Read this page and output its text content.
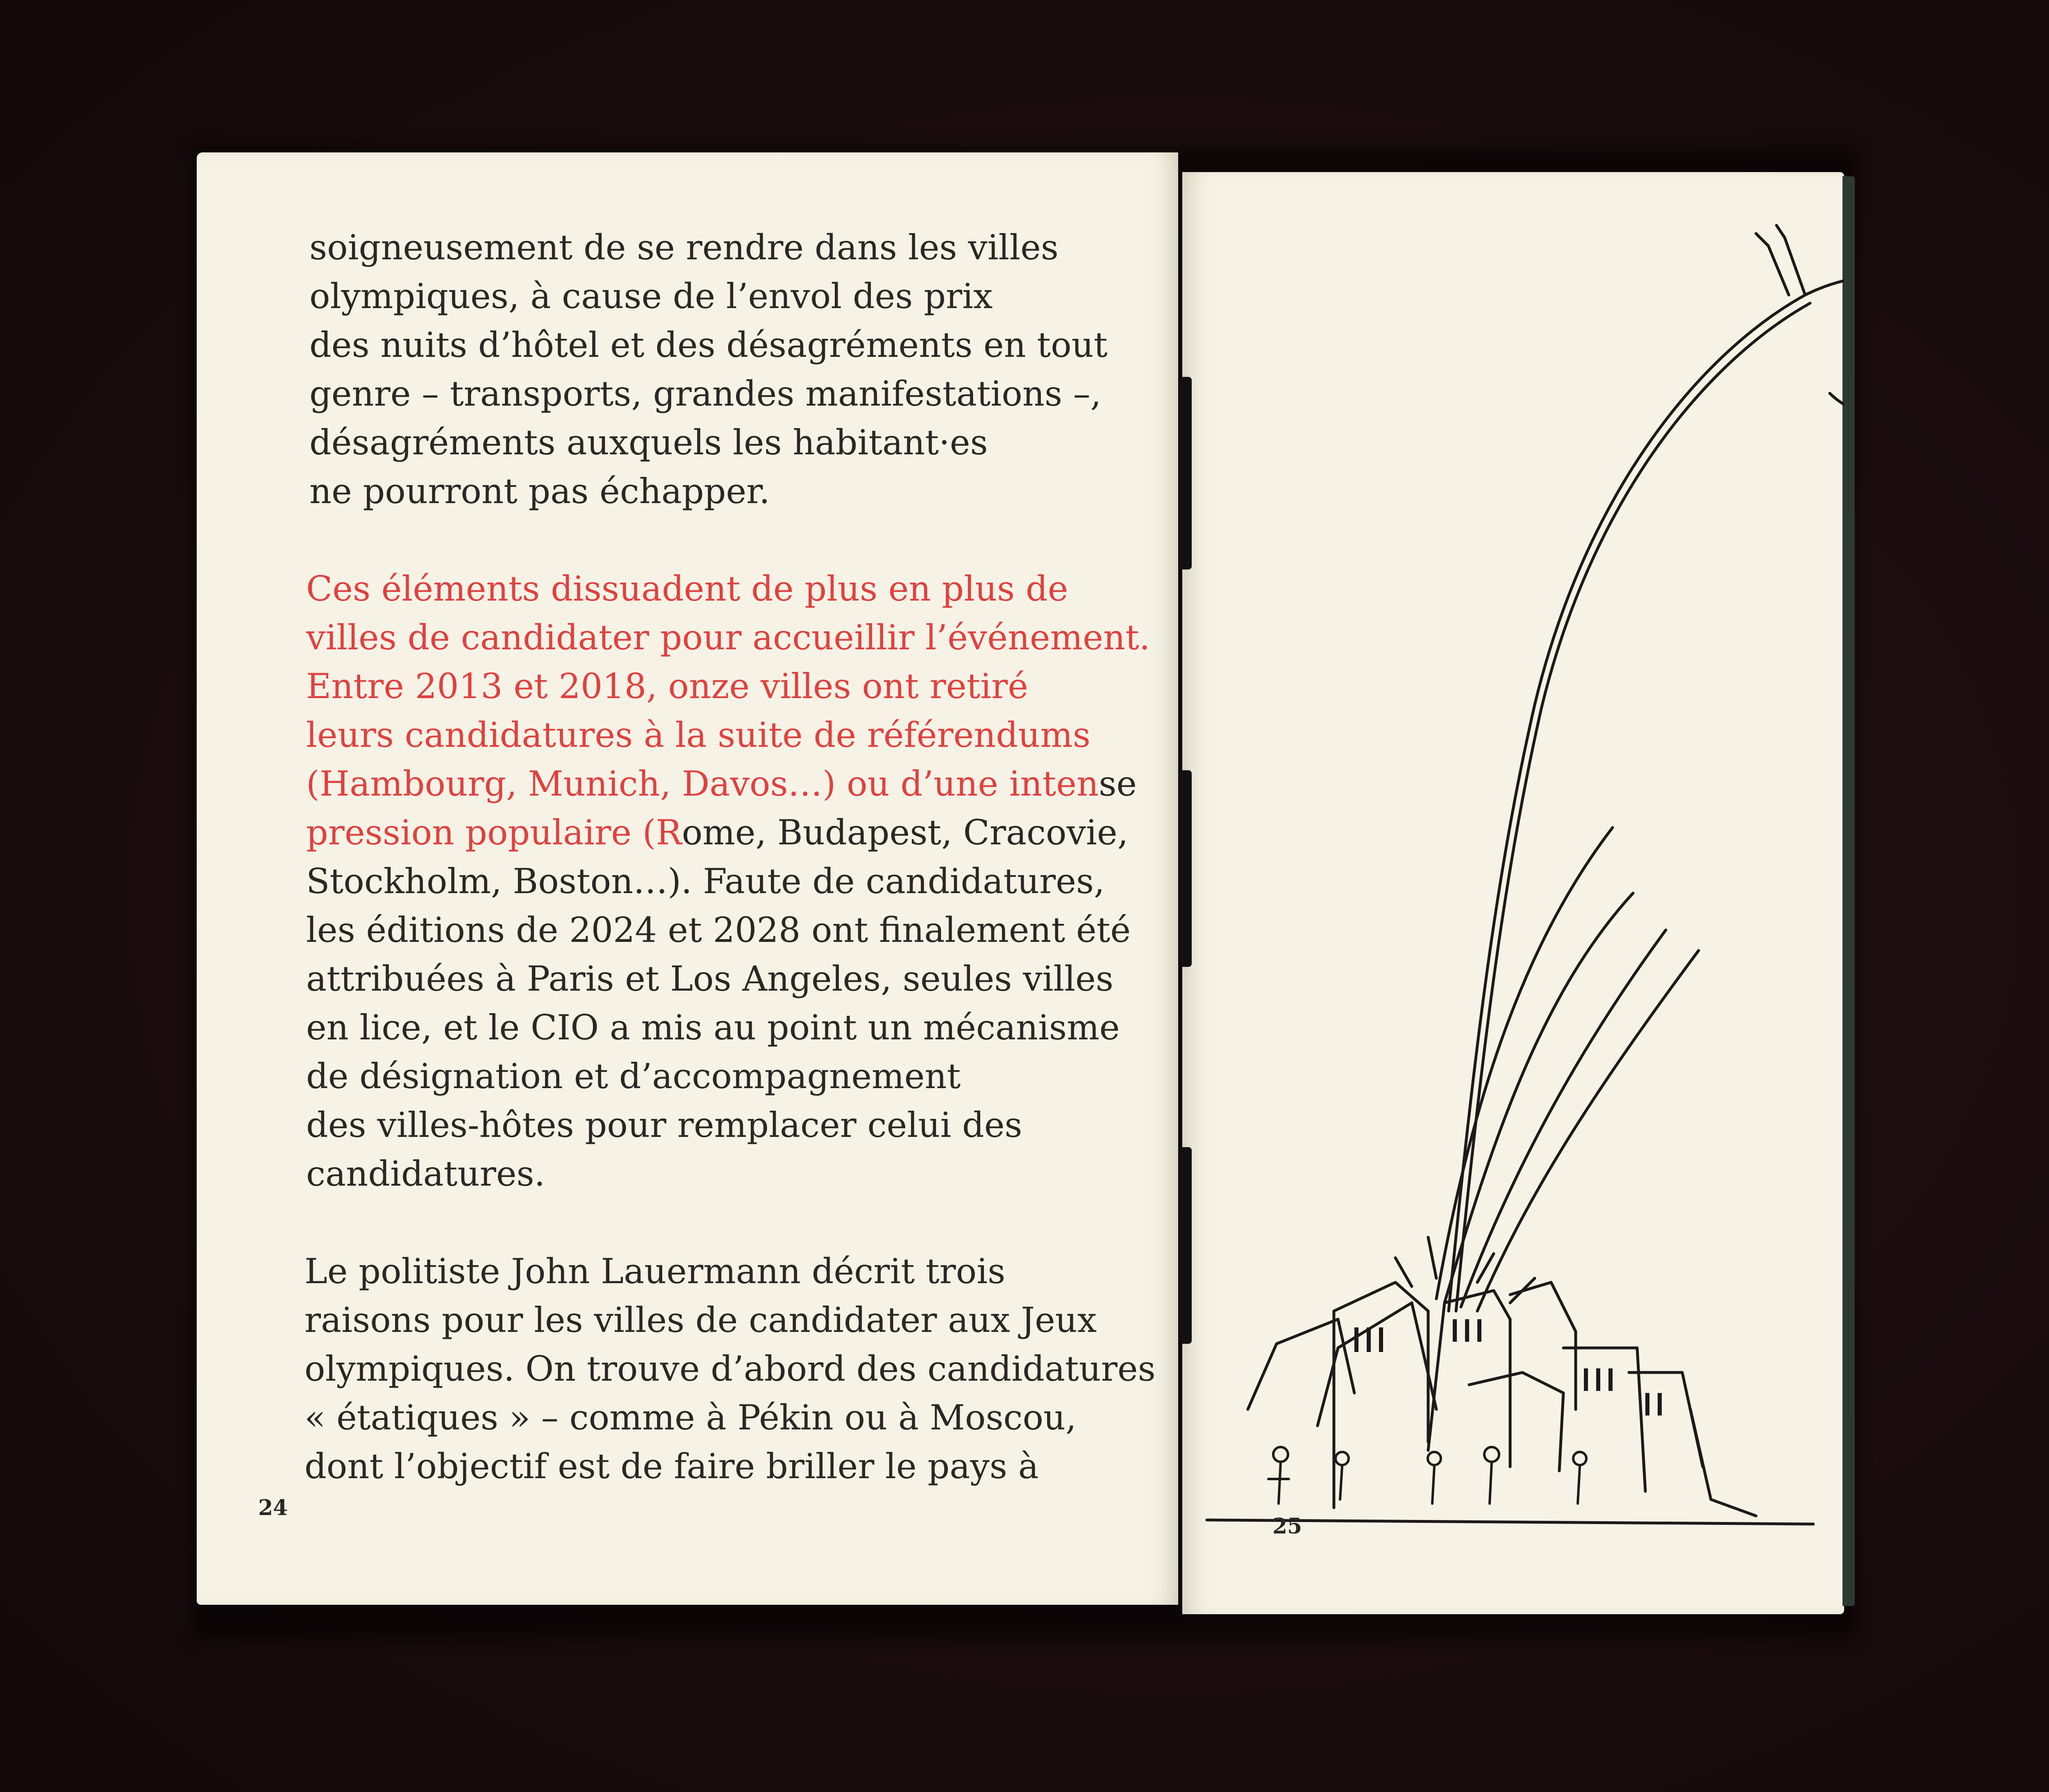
soigneusement de se rendre dans les villes
olympiques, à cause de l’envol des prix
des nuits d’hôtel et des désagréments en tout
genre – transports, grandes manifestations –,
désagréments auxquels les habitant·es
ne pourront pas échapper.

Ces éléments dissuadent de plus en plus de
villes de candidater pour accueillir l’événement.
Entre 2013 et 2018, onze villes ont retiré
leurs candidatures à la suite de référendums
(Hambourg, Munich, Davos…) ou d’une intense
pression populaire (Rome, Budapest, Cracovie,
Stockholm, Boston…). Faute de candidatures,
les éditions de 2024 et 2028 ont finalement été
attribuées à Paris et Los Angeles, seules villes
en lice, et le CIO a mis au point un mécanisme
de désignation et d’accompagnement
des villes-hôtes pour remplacer celui des
candidatures.

Le politiste John Lauermann décrit trois
raisons pour les villes de candidater aux Jeux
olympiques. On trouve d’abord des candidatures
« étatiques » – comme à Pékin ou à Moscou,
dont l’objectif est de faire briller le pays à

24
25
